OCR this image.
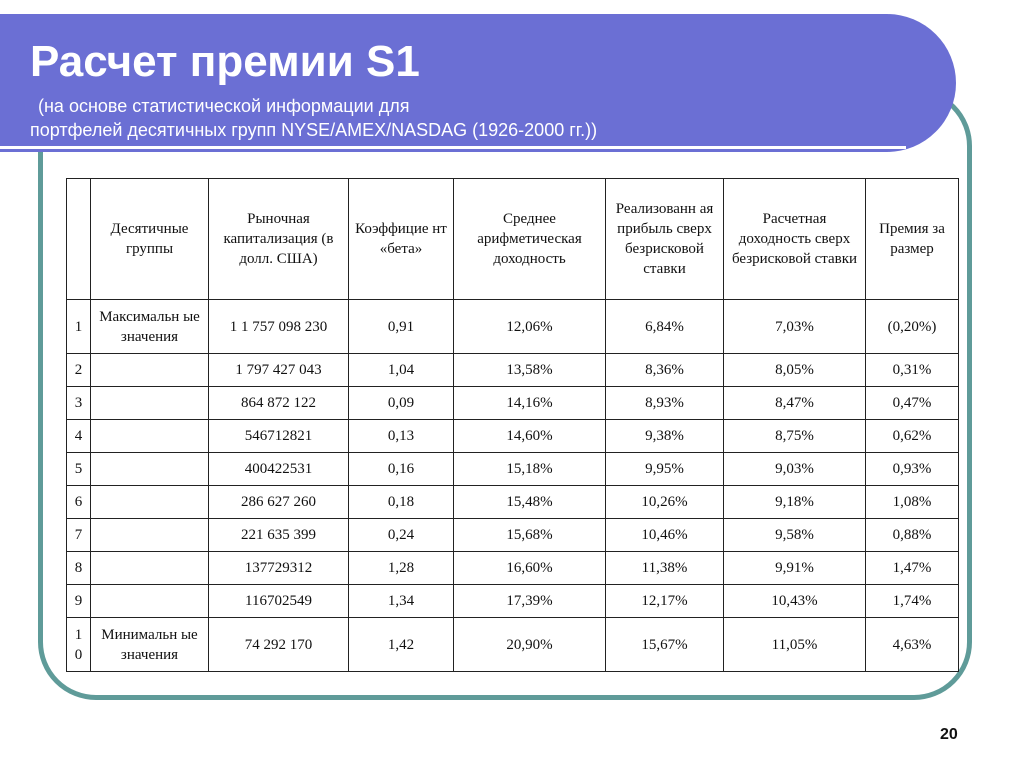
Расчет премии S1
(на основе статистической информации для
портфелей десятичных групп NYSE/AMEX/NASDAG (1926-2000 гг.))
	Десятичные группы	Рыночная капитализация (в долл. США)	Коэффицие нт «бета»	Среднее арифметическая доходность	Реализованн ая прибыль сверх безрисковой ставки	Расчетная доходность сверх безрисковой ставки	Премия за размер
1	Максимальн ые значения	1 1 757 098 230	0,91	12,06%	6,84%	7,03%	(0,20%)
2		1 797 427 043	1,04	13,58%	8,36%	8,05%	0,31%
3		864 872 122	0,09	14,16%	8,93%	8,47%	0,47%
4		546712821	0,13	14,60%	9,38%	8,75%	0,62%
5		400422531	0,16	15,18%	9,95%	9,03%	0,93%
6		286 627 260	0,18	15,48%	10,26%	9,18%	1,08%
7		221 635 399	0,24	15,68%	10,46%	9,58%	0,88%
8		137729312	1,28	16,60%	11,38%	9,91%	1,47%
9		116702549	1,34	17,39%	12,17%	10,43%	1,74%
1 0	Минимальн ые значения	74 292 170	1,42	20,90%	15,67%	11,05%	4,63%
20
